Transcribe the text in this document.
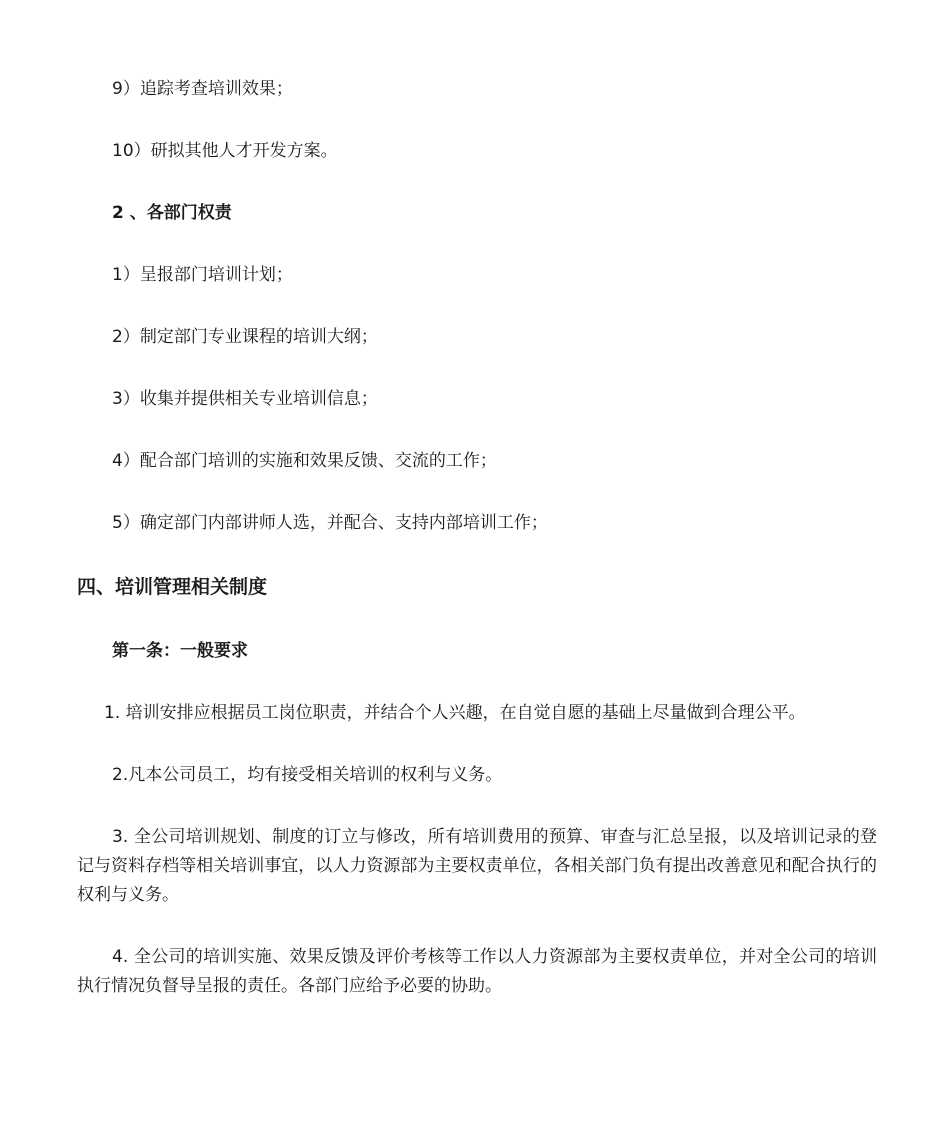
9）追踪考查培训效果；
10）研拟其他人才开发方案。
2 、各部门权责
1）呈报部门培训计划；
2）制定部门专业课程的培训大纲；
3）收集并提供相关专业培训信息；
4）配合部门培训的实施和效果反馈、交流的工作；
5）确定部门内部讲师人选，并配合、支持内部培训工作；
四、培训管理相关制度
第一条：一般要求
1. 培训安排应根据员工岗位职责，并结合个人兴趣，在自觉自愿的基础上尽量做到合理公平。
2.凡本公司员工，均有接受相关培训的权利与义务。
3. 全公司培训规划、制度的订立与修改，所有培训费用的预算、审查与汇总呈报，以及培训记录的登记与资料存档等相关培训事宜，以人力资源部为主要权责单位，各相关部门负有提出改善意见和配合执行的权利与义务。
4. 全公司的培训实施、效果反馈及评价考核等工作以人力资源部为主要权责单位，并对全公司的培训执行情况负督导呈报的责任。各部门应给予必要的协助。
